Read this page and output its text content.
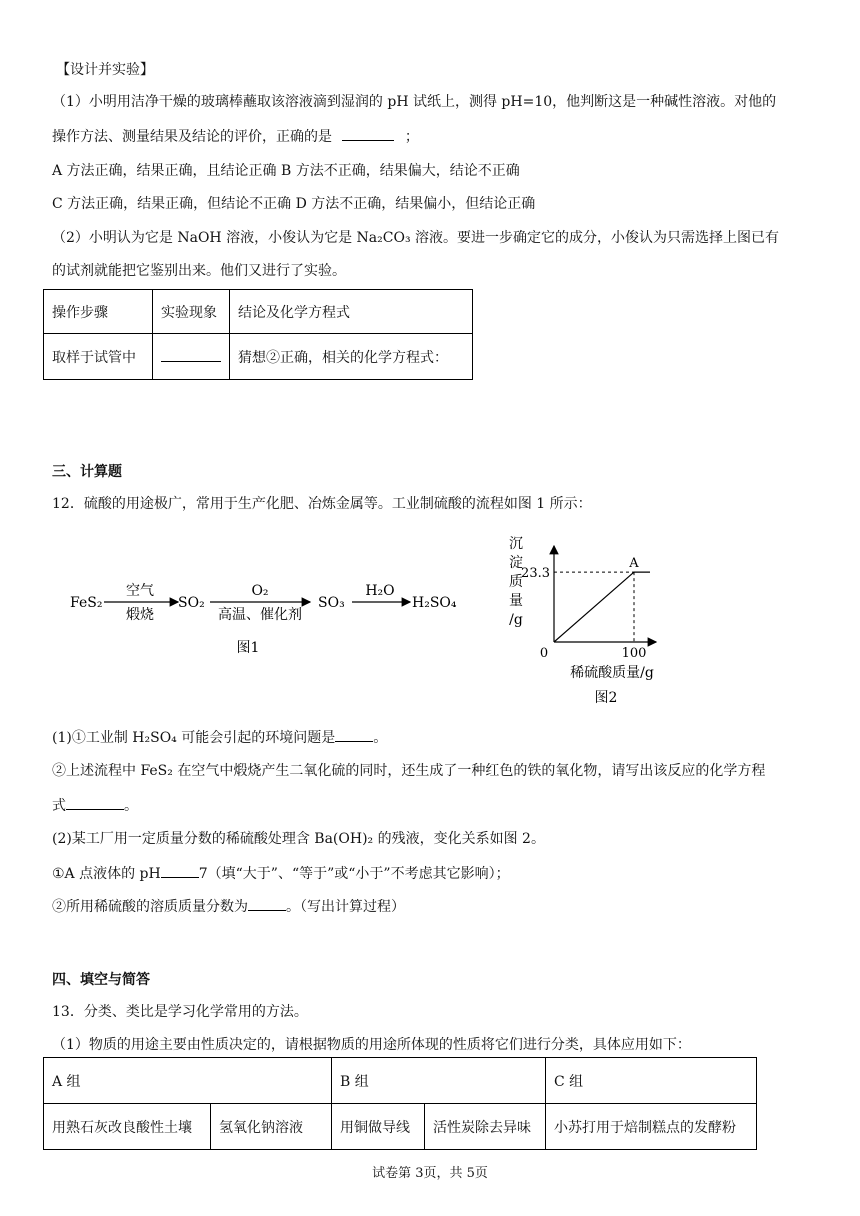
【设计并实验】
（1）小明用洁净干燥的玻璃棒蘸取该溶液滴到湿润的 pH 试纸上，测得 pH=10，他判断这是一种碱性溶液。对他的
操作方法、测量结果及结论的评价，正确的是	；
A 方法正确，结果正确，且结论正确 B 方法不正确，结果偏大，结论不正确
C 方法正确，结果正确，但结论不正确 D 方法不正确，结果偏小，但结论正确
（2）小明认为它是 NaOH 溶液，小俊认为它是 Na₂CO₃ 溶液。要进一步确定它的成分，小俊认为只需选择上图已有
的试剂就能把它鉴别出来。他们又进行了实验。
操作步骤	实验现象	结论及化学方程式
取样于试管中		猜想②正确，相关的化学方程式：
三、计算题
12．硫酸的用途极广，常用于生产化肥、冶炼金属等。工业制硫酸的流程如图 1 所示：
FeS₂
空气
煅烧
SO₂
O₂
高温、催化剂
SO₃
H₂O
H₂SO₄
图1
沉
淀
质
量
/g
23.3
100
0
A
稀硫酸质量/g
图2
(1)①工业制 H₂SO₄ 可能会引起的环境问题是	。
②上述流程中 FeS₂ 在空气中煅烧产生二氧化硫的同时，还生成了一种红色的铁的氧化物，请写出该反应的化学方程
式	。
(2)某工厂用一定质量分数的稀硫酸处理含 Ba(OH)₂ 的残液，变化关系如图 2。
①A 点液体的 pH	7（填“大于”、“等于”或“小于”不考虑其它影响）；
②所用稀硫酸的溶质质量分数为	。（写出计算过程）
四、填空与简答
13．分类、类比是学习化学常用的方法。
（1）物质的用途主要由性质决定的，请根据物质的用途所体现的性质将它们进行分类，具体应用如下：
A 组		B 组		C 组
用熟石灰改良酸性土壤	氢氧化钠溶液	用铜做导线	活性炭除去异味	小苏打用于焙制糕点的发酵粉
试卷第 3页，共 5页
